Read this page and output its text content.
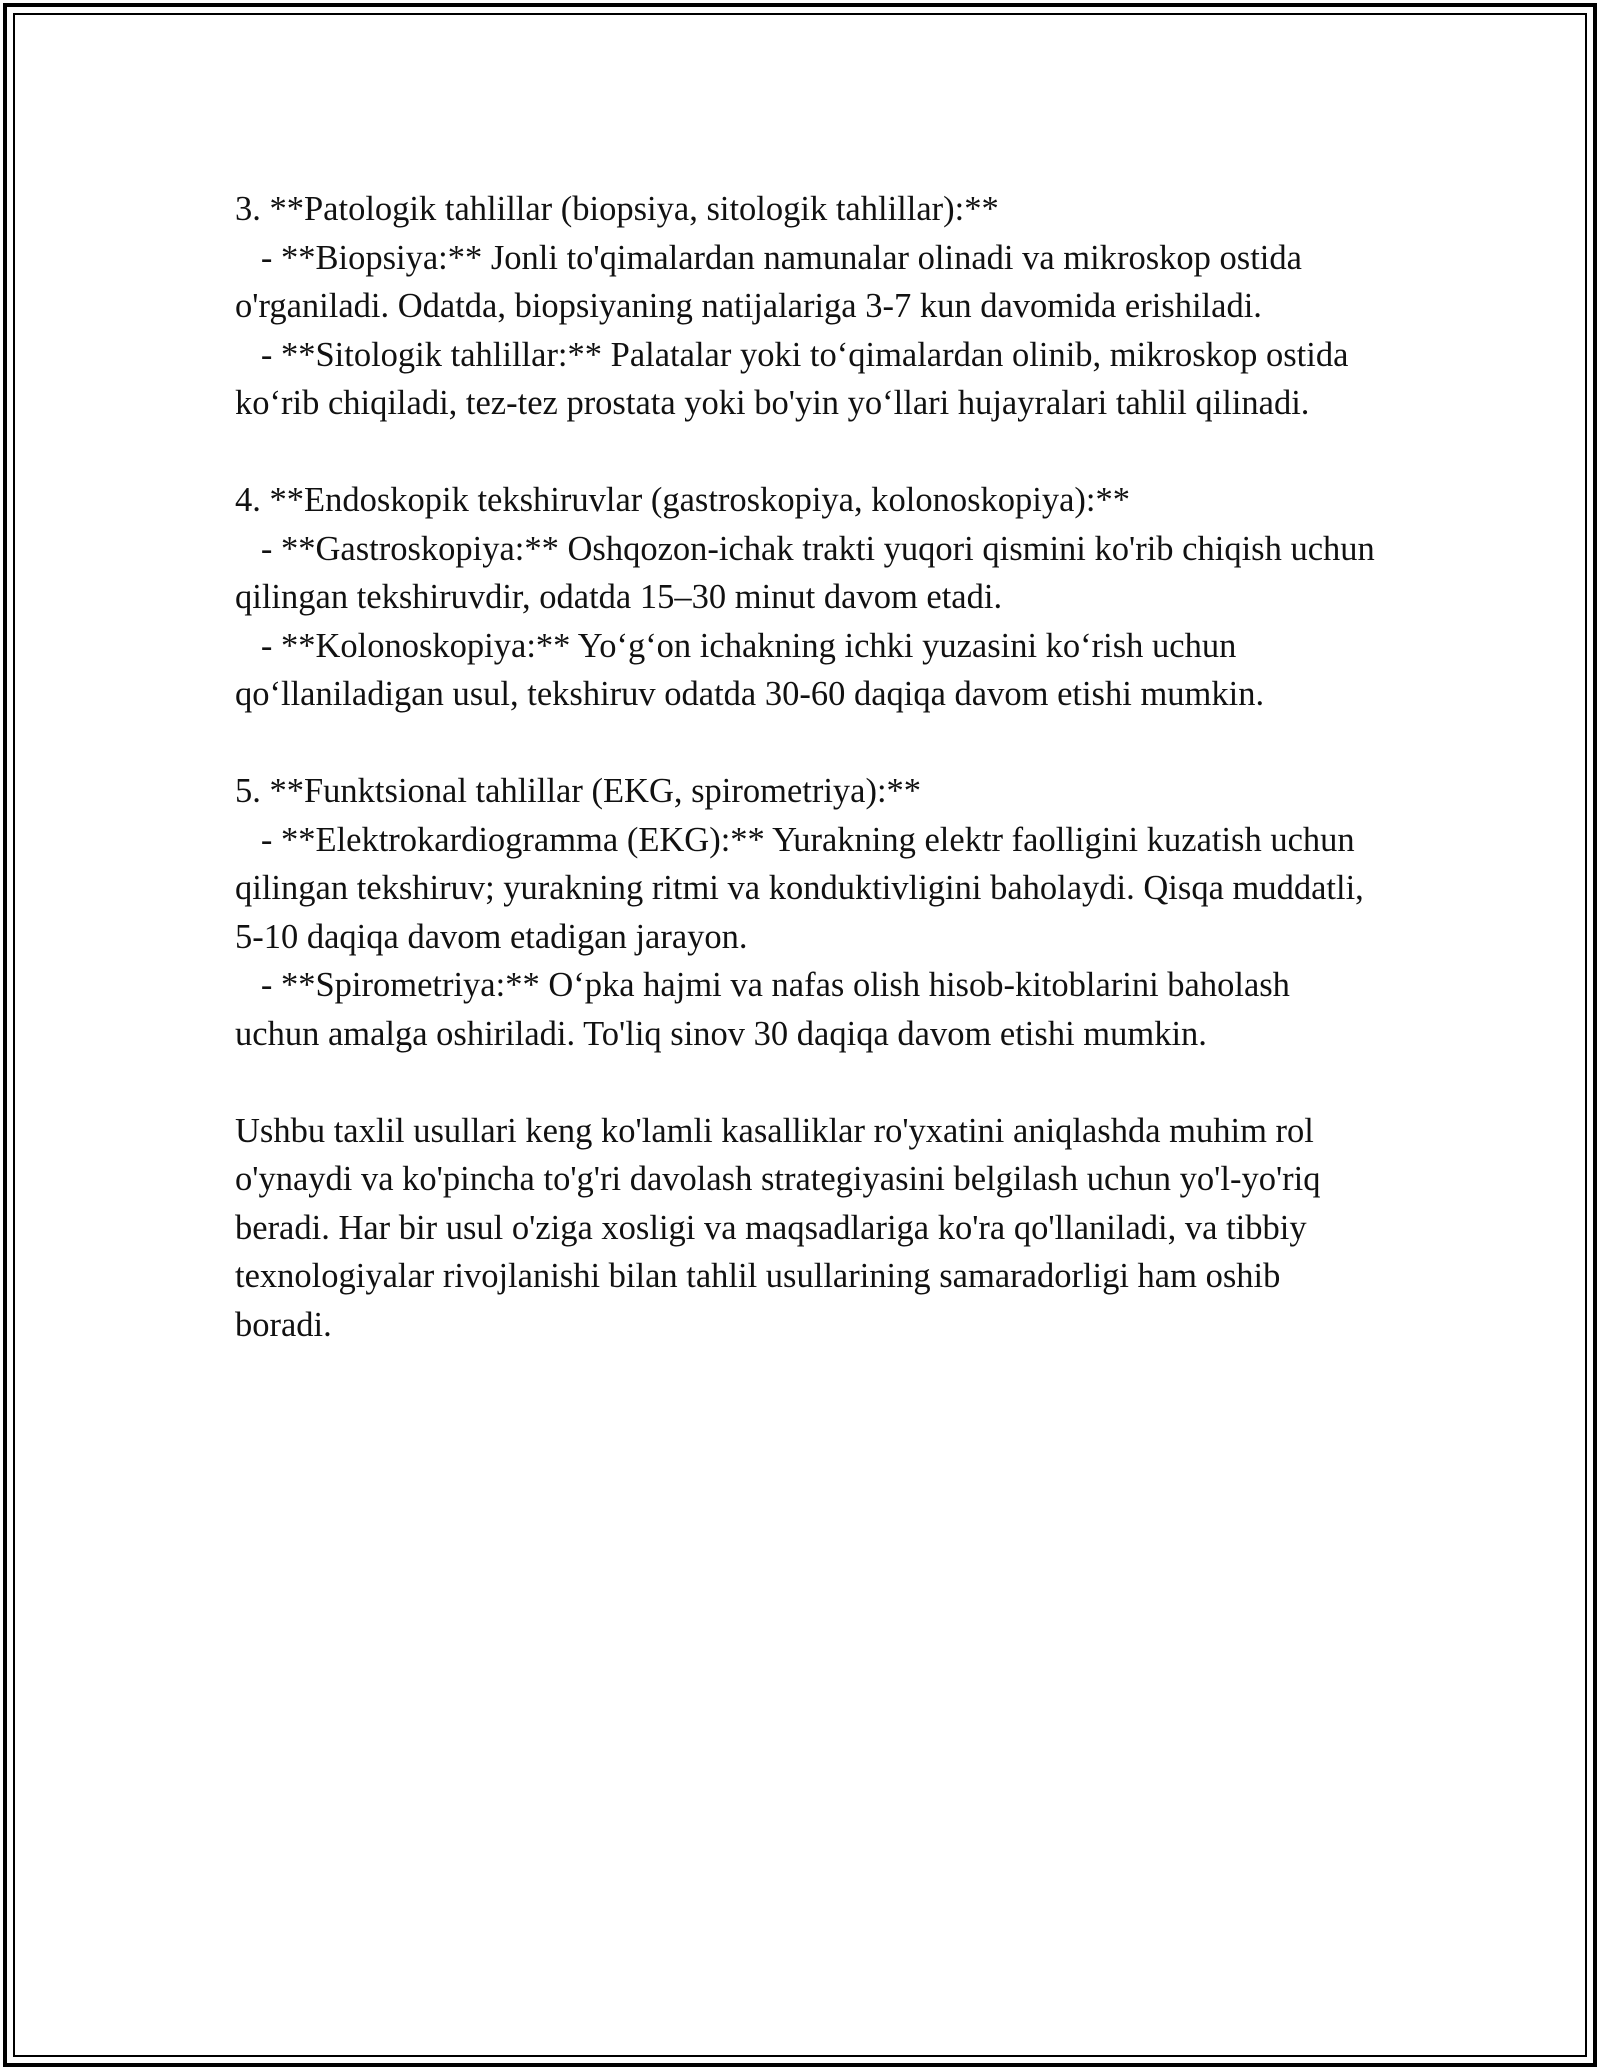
3. **Patologik tahlillar (biopsiya, sitologik tahlillar):**

- **Biopsiya:** Jonli to'qimalardan namunalar olinadi va mikroskop ostida o'rganiladi. Odatda, biopsiyaning natijalariga 3-7 kun davomida erishiladi.

- **Sitologik tahlillar:** Palatalar yoki to‘qimalardan olinib, mikroskop ostida ko‘rib chiqiladi, tez-tez prostata yoki bo'yin yo‘llari hujayralari tahlil qilinadi.

4. **Endoskopik tekshiruvlar (gastroskopiya, kolonoskopiya):**

- **Gastroskopiya:** Oshqozon-ichak trakti yuqori qismini ko'rib chiqish uchun qilingan tekshiruvdir, odatda 15–30 minut davom etadi.

- **Kolonoskopiya:** Yo‘g‘on ichakning ichki yuzasini ko‘rish uchun qo‘llaniladigan usul, tekshiruv odatda 30-60 daqiqa davom etishi mumkin.

5. **Funktsional tahlillar (EKG, spirometriya):**

- **Elektrokardiogramma (EKG):** Yurakning elektr faolligini kuzatish uchun qilingan tekshiruv; yurakning ritmi va konduktivligini baholaydi. Qisqa muddatli, 5-10 daqiqa davom etadigan jarayon.

- **Spirometriya:** O‘pka hajmi va nafas olish hisob-kitoblarini baholash uchun amalga oshiriladi. To'liq sinov 30 daqiqa davom etishi mumkin.

Ushbu taxlil usullari keng ko'lamli kasalliklar ro'yxatini aniqlashda muhim rol o'ynaydi va ko'pincha to'g'ri davolash strategiyasini belgilash uchun yo'l-yo'riq beradi. Har bir usul o'ziga xosligi va maqsadlariga ko'ra qo'llaniladi, va tibbiy texnologiyalar rivojlanishi bilan tahlil usullarining samaradorligi ham oshib boradi.
